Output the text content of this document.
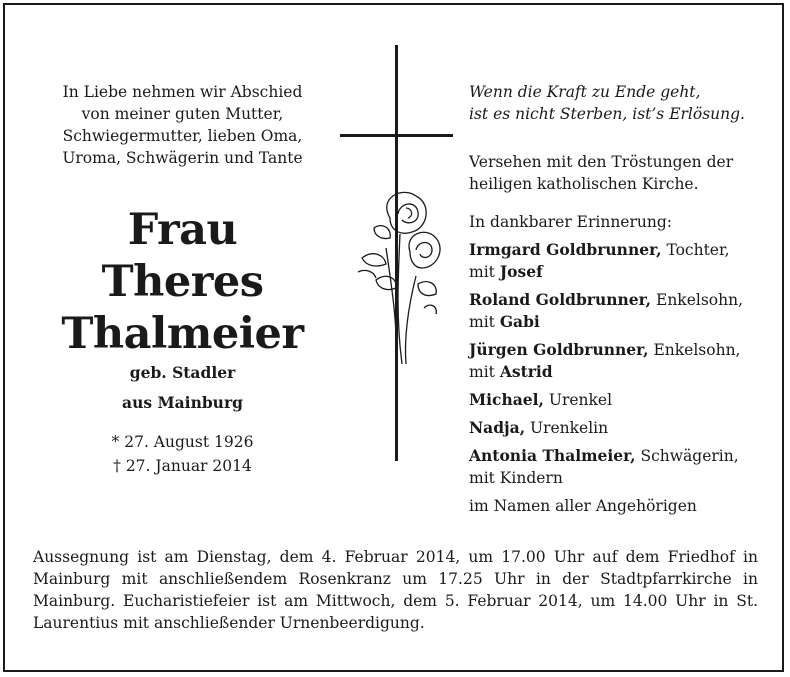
In Liebe nehmen wir Abschied
von meiner guten Mutter,
Schwiegermutter, lieben Oma,
Uroma, Schwägerin und Tante
Frau
Theres
Thalmeier
geb. Stadler
aus Mainburg
* 27. August 1926
† 27. Januar 2014
Wenn die Kraft zu Ende geht,
ist es nicht Sterben, ist’s Erlösung.
Versehen mit den Tröstungen der
heiligen katholischen Kirche.
In dankbarer Erinnerung:
Irmgard Goldbrunner, Tochter,
mit Josef
Roland Goldbrunner, Enkelsohn,
mit Gabi
Jürgen Goldbrunner, Enkelsohn,
mit Astrid
Michael, Urenkel
Nadja, Urenkelin
Antonia Thalmeier, Schwägerin,
mit Kindern
im Namen aller Angehörigen
Aussegnung ist am Dienstag, dem 4. Februar 2014, um 17.00 Uhr auf dem Friedhof in Mainburg mit anschließendem Rosenkranz um 17.25 Uhr in der Stadtpfarrkirche in Mainburg. Eucharistiefeier ist am Mittwoch, dem 5. Februar 2014, um 14.00 Uhr in St. Laurentius mit anschließender Urnenbeerdigung.
